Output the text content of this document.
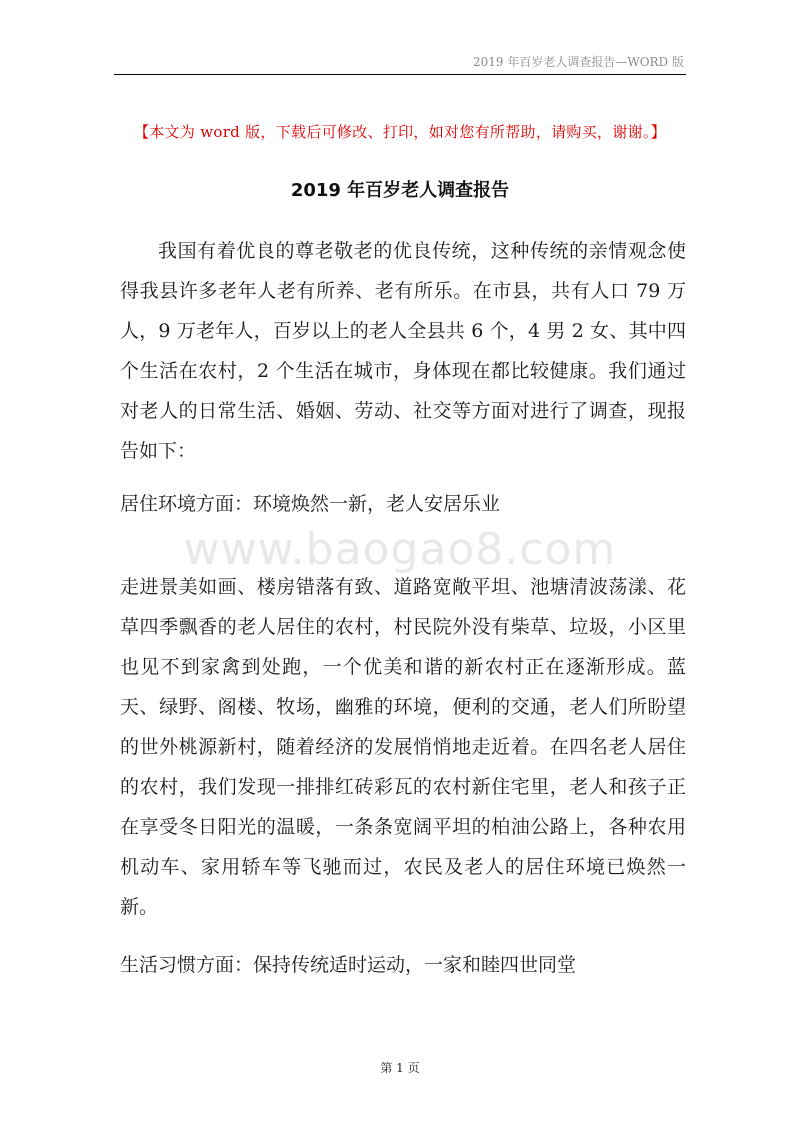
2019 年百岁老人调查报告—WORD 版
【本文为 word 版，下载后可修改、打印，如对您有所帮助，请购买，谢谢。】
2019 年百岁老人调查报告

我国有着优良的尊老敬老的优良传统，这种传统的亲情观念使得我县许多老年人老有所养、老有所乐。在市县，共有人口 79 万人，9 万老年人，百岁以上的老人全县共 6 个，4 男 2 女、其中四个生活在农村，2 个生活在城市，身体现在都比较健康。我们通过对老人的日常生活、婚姻、劳动、社交等方面对进行了调查，现报告如下：

居住环境方面：环境焕然一新，老人安居乐业

www.baogao8.com

走进景美如画、楼房错落有致、道路宽敞平坦、池塘清波荡漾、花草四季飘香的老人居住的农村，村民院外没有柴草、垃圾，小区里也见不到家禽到处跑，一个优美和谐的新农村正在逐渐形成。蓝天、绿野、阁楼、牧场，幽雅的环境，便利的交通，老人们所盼望的世外桃源新村，随着经济的发展悄悄地走近着。在四名老人居住的农村，我们发现一排排红砖彩瓦的农村新住宅里，老人和孩子正在享受冬日阳光的温暖，一条条宽阔平坦的柏油公路上，各种农用机动车、家用轿车等飞驰而过，农民及老人的居住环境已焕然一新。

生活习惯方面：保持传统适时运动，一家和睦四世同堂

第 1 页
